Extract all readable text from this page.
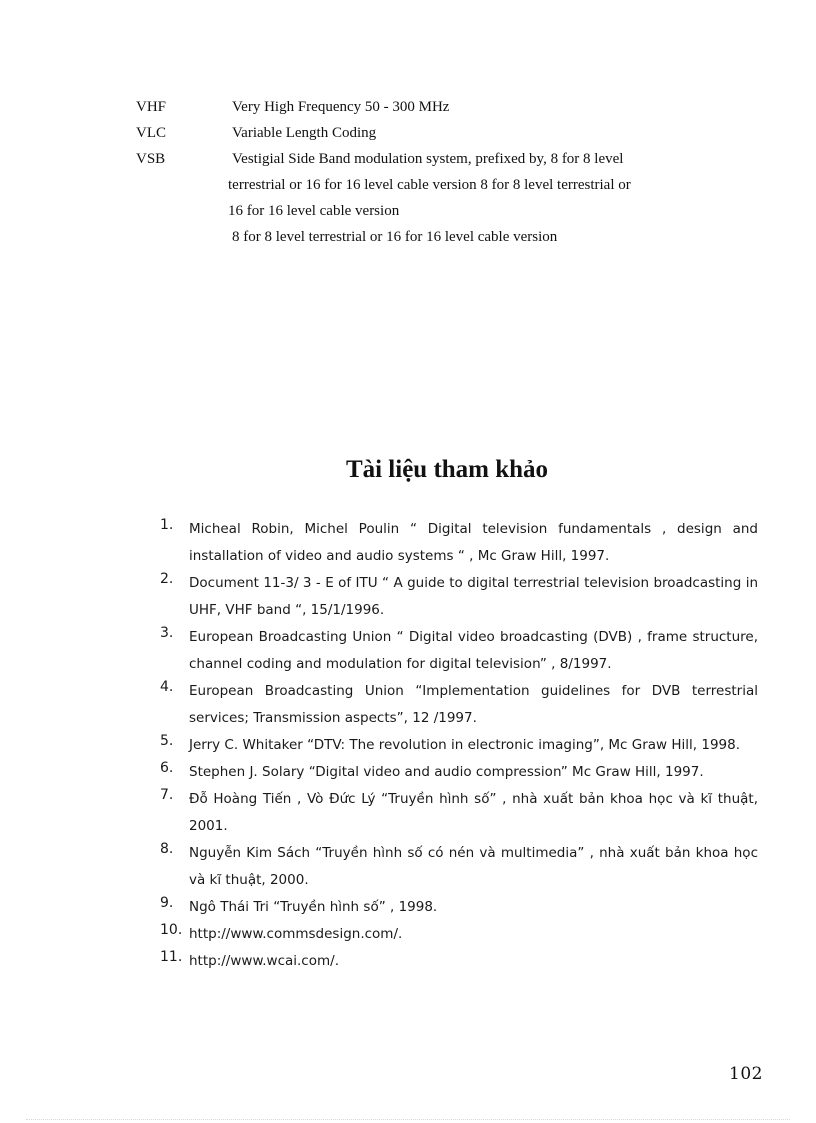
VHF	Very High Frequency 50 - 300 MHz
VLC	Variable Length Coding
VSB	Vestigial Side Band modulation system, prefixed by, 8 for 8 level
terrestrial or 16 for 16 level cable version 8 for 8 level terrestrial or
16 for 16 level cable version
8 for 8 level terrestrial or 16 for 16 level cable version
Tài liệu tham khảo
1.	Micheal Robin, Michel Poulin “ Digital television fundamentals , design and installation of video and audio systems “ , Mc Graw Hill, 1997.
2.	Document 11-3/ 3 - E of ITU “ A guide to digital terrestrial television broadcasting in UHF, VHF band “, 15/1/1996.
3.	European Broadcasting Union “ Digital video broadcasting (DVB) , frame structure, channel coding and modulation for digital television” , 8/1997.
4.	European Broadcasting Union “Implementation guidelines for DVB terrestrial services; Transmission aspects”, 12 /1997.
5.	Jerry C. Whitaker “DTV: The revolution in electronic imaging”, Mc Graw Hill, 1998.
6.	Stephen J. Solary “Digital video and audio compression” Mc Graw Hill, 1997.
7.	Đỗ Hoàng Tiến , Vò Đức Lý “Truyền hình số” , nhà xuất bản khoa học và kĩ thuật, 2001.
8.	Nguyễn Kim Sách “Truyền hình số có nén và multimedia” , nhà xuất bản khoa học và kĩ thuật, 2000.
9.	Ngô Thái Tri “Truyền hình số” , 1998.
10. http://www.commsdesign.com/.
11. http://www.wcai.com/.
102
